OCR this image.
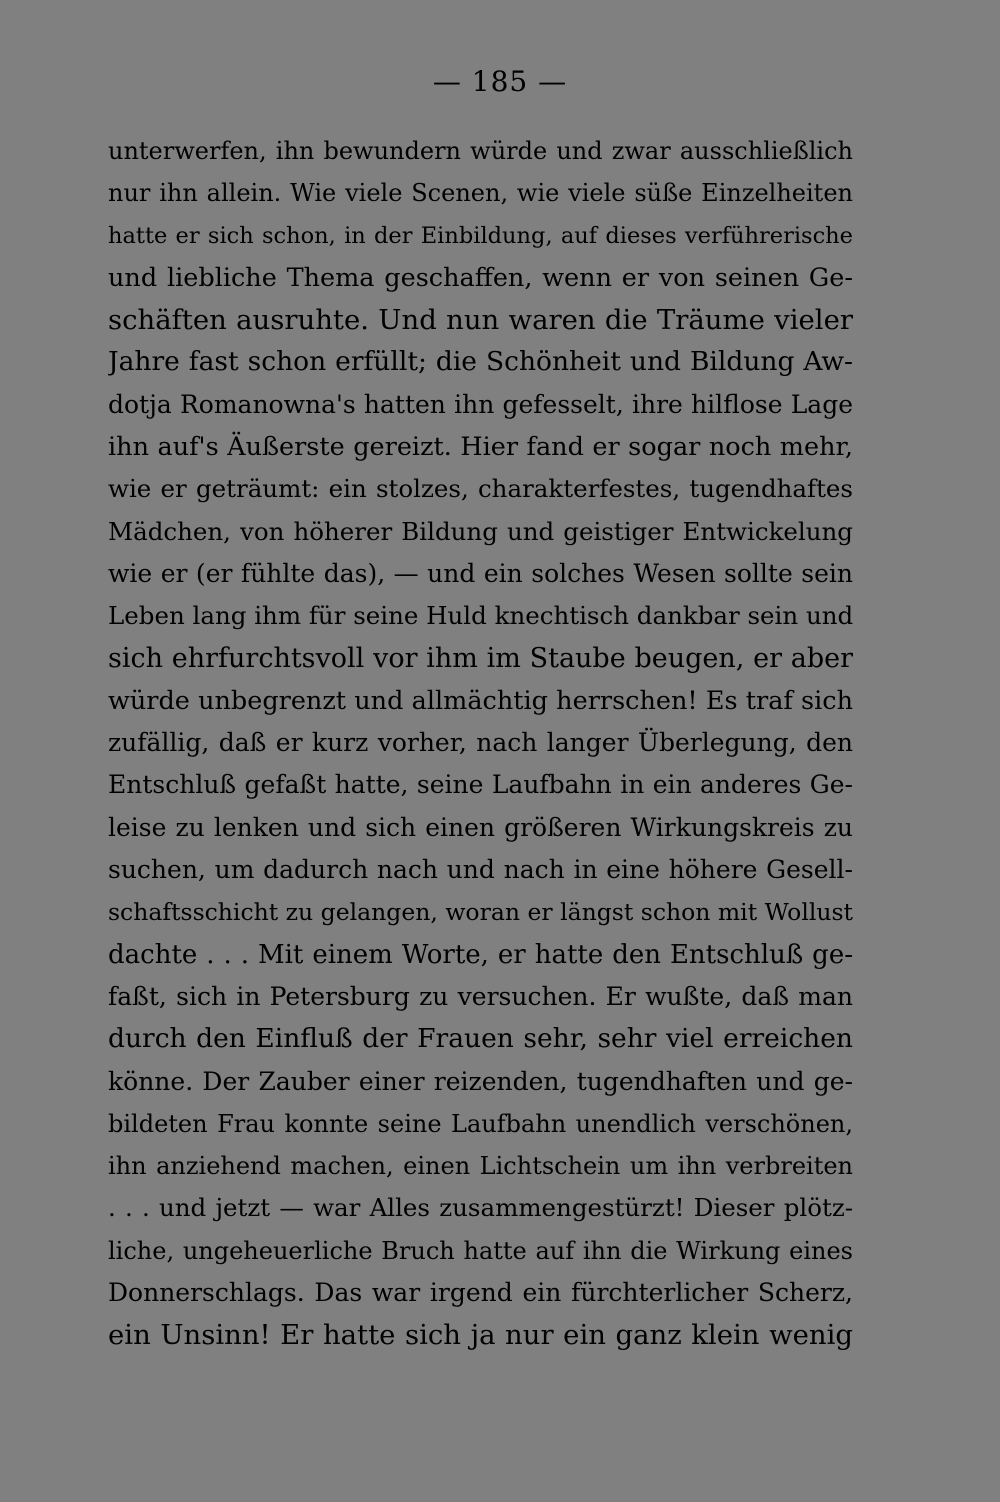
— 185 —
unterwerfen, ihn bewundern würde und zwar ausschließlich
nur ihn allein. Wie viele Scenen, wie viele süße Einzelheiten
hatte er sich schon, in der Einbildung, auf dieses verführerische
und liebliche Thema geschaffen, wenn er von seinen Ge-
schäften ausruhte. Und nun waren die Träume vieler
Jahre fast schon erfüllt; die Schönheit und Bildung Aw-
dotja Romanowna's hatten ihn gefesselt, ihre hilflose Lage
ihn auf's Äußerste gereizt. Hier fand er sogar noch mehr,
wie er geträumt: ein stolzes, charakterfestes, tugendhaftes
Mädchen, von höherer Bildung und geistiger Entwickelung
wie er (er fühlte das), — und ein solches Wesen sollte sein
Leben lang ihm für seine Huld knechtisch dankbar sein und
sich ehrfurchtsvoll vor ihm im Staube beugen, er aber
würde unbegrenzt und allmächtig herrschen! Es traf sich
zufällig, daß er kurz vorher, nach langer Überlegung, den
Entschluß gefaßt hatte, seine Laufbahn in ein anderes Ge-
leise zu lenken und sich einen größeren Wirkungskreis zu
suchen, um dadurch nach und nach in eine höhere Gesell-
schaftsschicht zu gelangen, woran er längst schon mit Wollust
dachte . . . Mit einem Worte, er hatte den Entschluß ge-
faßt, sich in Petersburg zu versuchen. Er wußte, daß man
durch den Einfluß der Frauen sehr, sehr viel erreichen
könne. Der Zauber einer reizenden, tugendhaften und ge-
bildeten Frau konnte seine Laufbahn unendlich verschönen,
ihn anziehend machen, einen Lichtschein um ihn verbreiten
. . . und jetzt — war Alles zusammengestürzt! Dieser plötz-
liche, ungeheuerliche Bruch hatte auf ihn die Wirkung eines
Donnerschlags. Das war irgend ein fürchterlicher Scherz,
ein Unsinn! Er hatte sich ja nur ein ganz klein wenig
